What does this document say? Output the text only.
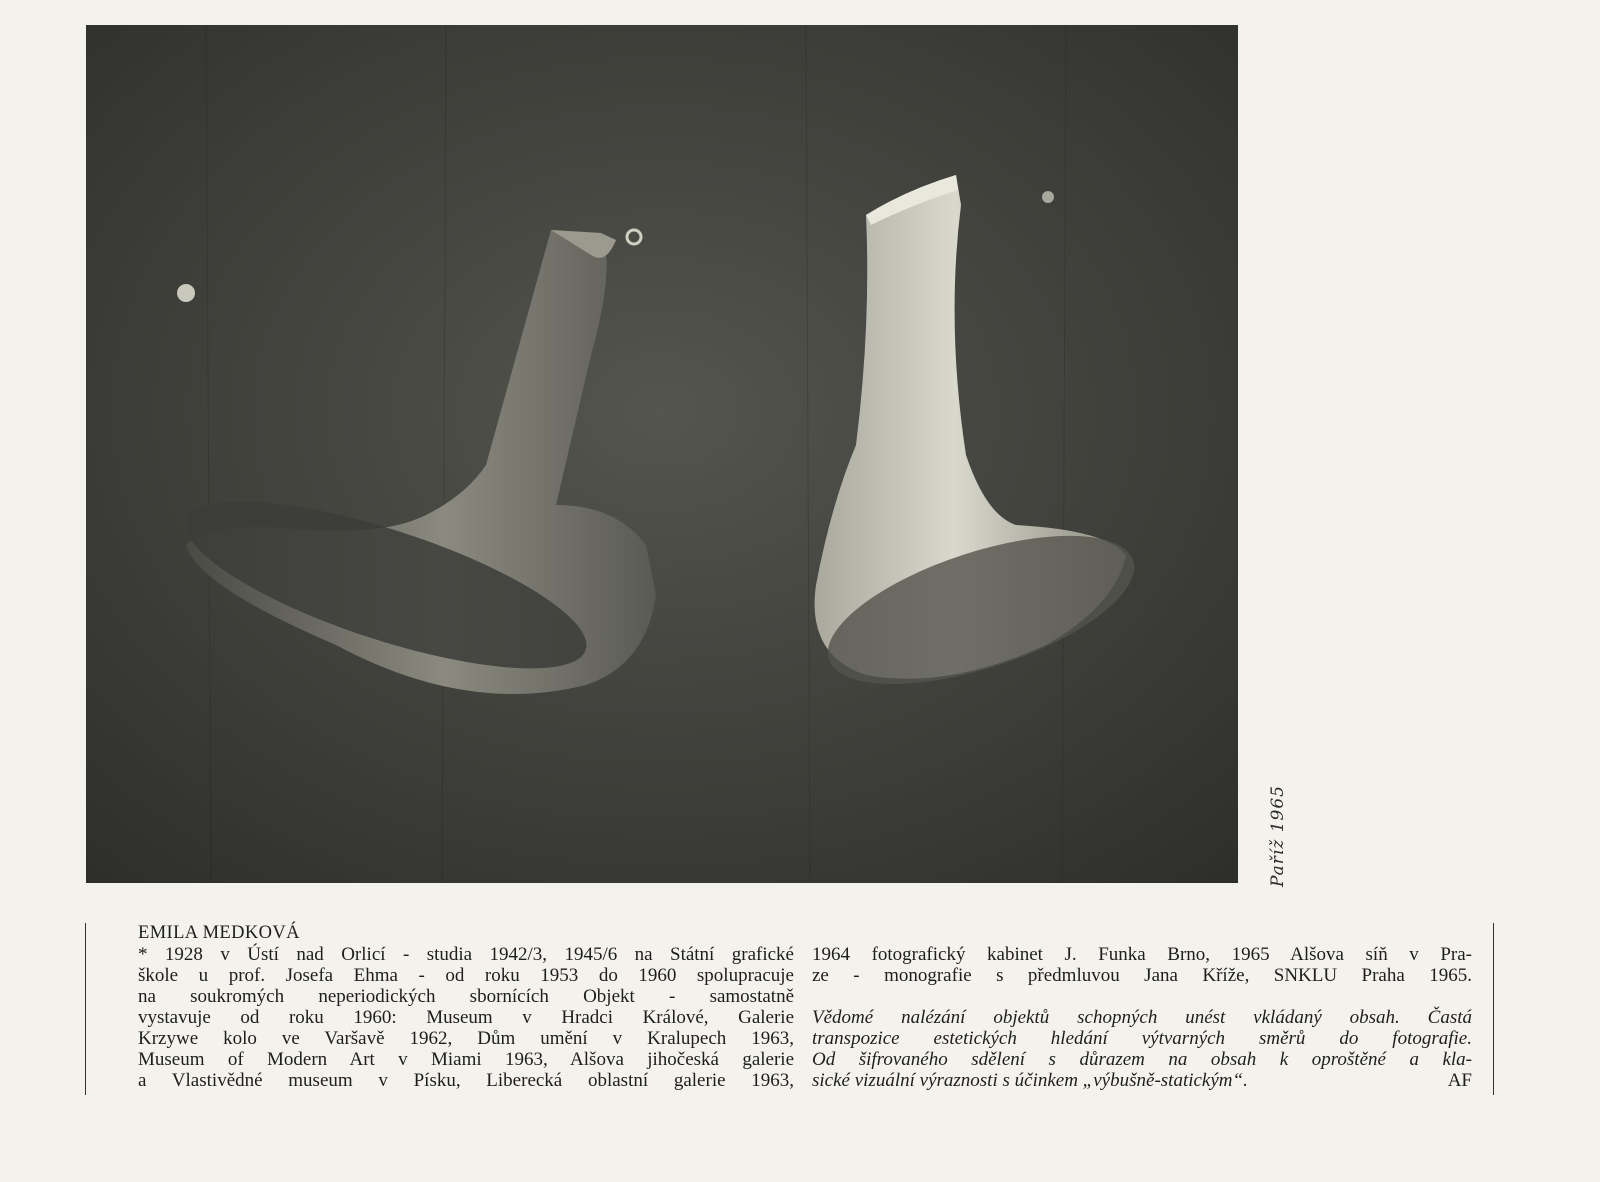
Paříž 1965
EMILA MEDKOVÁ
* 1928 v Ústí nad Orlicí - studia 1942/3, 1945/6 na Státní grafické
škole u prof. Josefa Ehma - od roku 1953 do 1960 spolupracuje
na soukromých neperiodických sbornících Objekt - samostatně
vystavuje od roku 1960: Museum v Hradci Králové, Galerie
Krzywe kolo ve Varšavě 1962, Dům umění v Kralupech 1963,
Museum of Modern Art v Miami 1963, Alšova jihočeská galerie
a Vlastivědné museum v Písku, Liberecká oblastní galerie 1963,
1964 fotografický kabinet J. Funka Brno, 1965 Alšova síň v Pra-
ze - monografie s předmluvou Jana Kříže, SNKLU Praha 1965.
Vědomé nalézání objektů schopných unést vkládaný obsah. Častá
transpozice estetických hledání výtvarných směrů do fotografie.
Od šifrovaného sdělení s důrazem na obsah k oproštěné a kla-
sické vizuální výraznosti s účinkem „výbušně-statickým“.	AF
